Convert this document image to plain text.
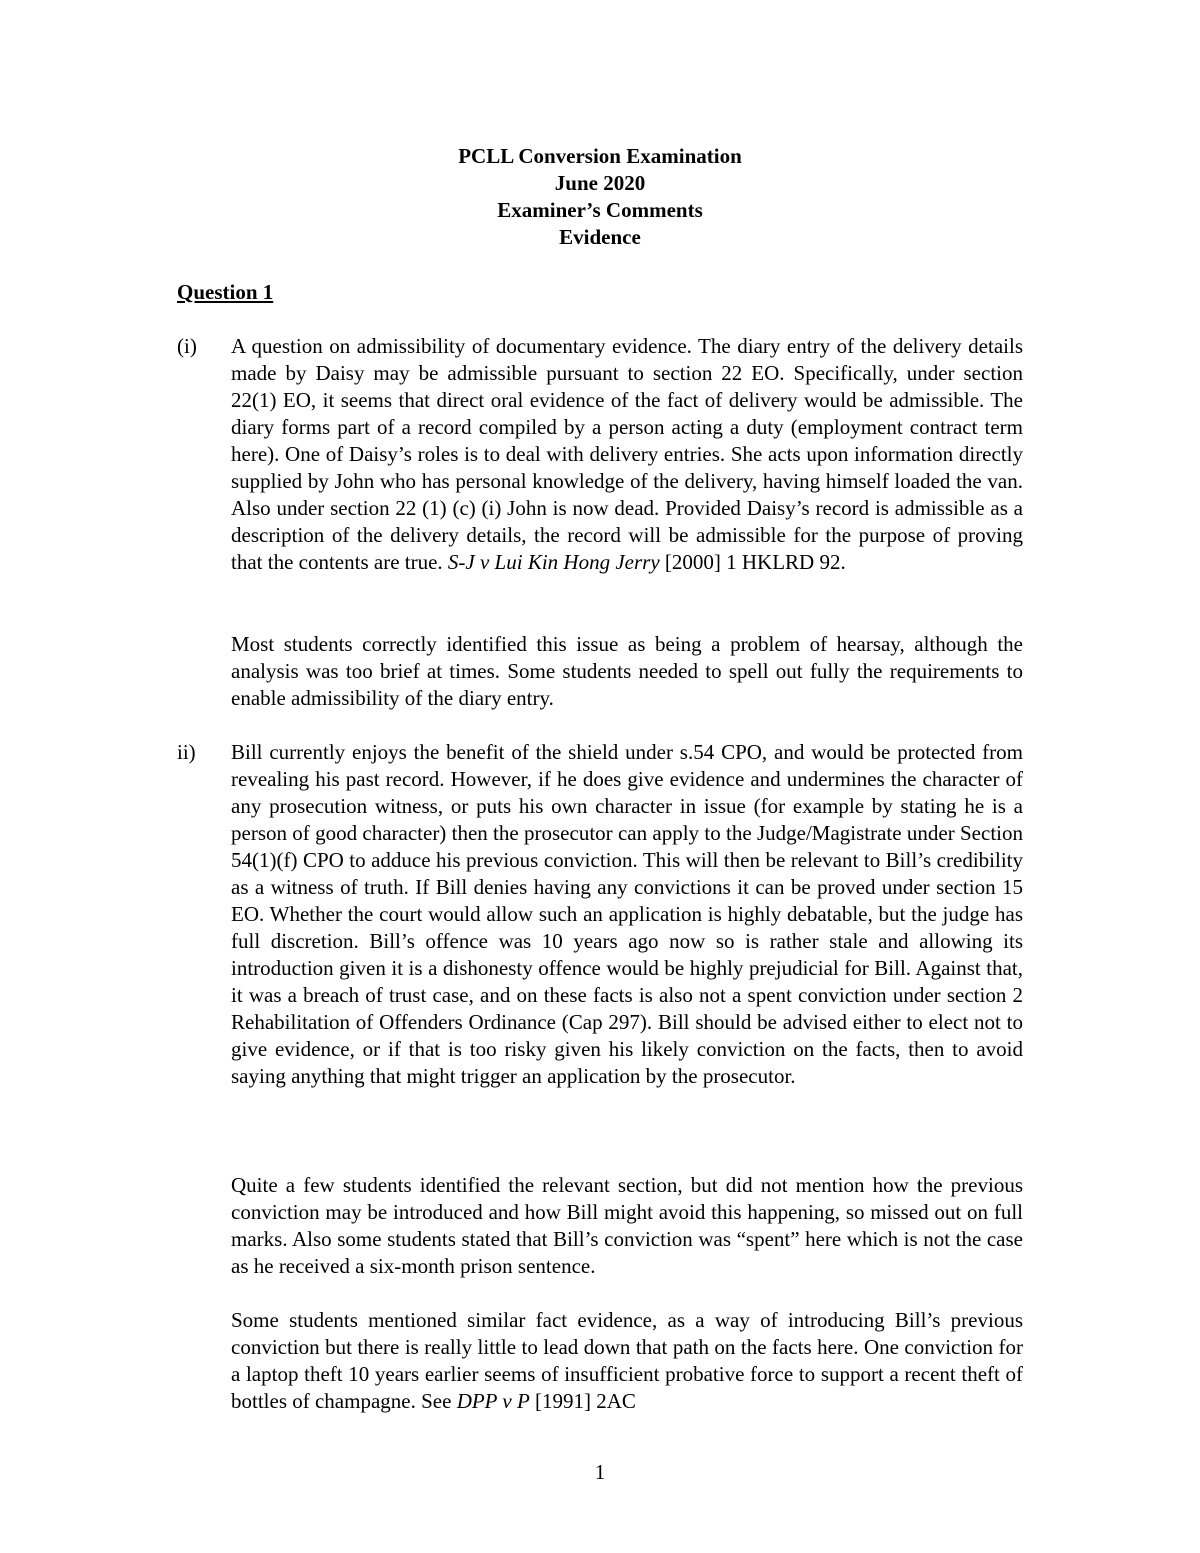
PCLL Conversion Examination
June 2020
Examiner’s Comments
Evidence
Question 1
(i) A question on admissibility of documentary evidence. The diary entry of the delivery details made by Daisy may be admissible pursuant to section 22 EO. Specifically, under section 22(1) EO, it seems that direct oral evidence of the fact of delivery would be admissible. The diary forms part of a record compiled by a person acting a duty (employment contract term here). One of Daisy’s roles is to deal with delivery entries. She acts upon information directly supplied by John who has personal knowledge of the delivery, having himself loaded the van. Also under section 22 (1) (c) (i) John is now dead. Provided Daisy’s record is admissible as a description of the delivery details, the record will be admissible for the purpose of proving that the contents are true. S-J v Lui Kin Hong Jerry [2000] 1 HKLRD 92.

Most students correctly identified this issue as being a problem of hearsay, although the analysis was too brief at times. Some students needed to spell out fully the requirements to enable admissibility of the diary entry.

ii) Bill currently enjoys the benefit of the shield under s.54 CPO, and would be protected from revealing his past record. However, if he does give evidence and undermines the character of any prosecution witness, or puts his own character in issue (for example by stating he is a person of good character) then the prosecutor can apply to the Judge/Magistrate under Section 54(1)(f) CPO to adduce his previous conviction. This will then be relevant to Bill’s credibility as a witness of truth. If Bill denies having any convictions it can be proved under section 15 EO. Whether the court would allow such an application is highly debatable, but the judge has full discretion. Bill’s offence was 10 years ago now so is rather stale and allowing its introduction given it is a dishonesty offence would be highly prejudicial for Bill. Against that, it was a breach of trust case, and on these facts is also not a spent conviction under section 2 Rehabilitation of Offenders Ordinance (Cap 297). Bill should be advised either to elect not to give evidence, or if that is too risky given his likely conviction on the facts, then to avoid saying anything that might trigger an application by the prosecutor.

Quite a few students identified the relevant section, but did not mention how the previous conviction may be introduced and how Bill might avoid this happening, so missed out on full marks. Also some students stated that Bill’s conviction was “spent” here which is not the case as he received a six-month prison sentence.

Some students mentioned similar fact evidence, as a way of introducing Bill’s previous conviction but there is really little to lead down that path on the facts here. One conviction for a laptop theft 10 years earlier seems of insufficient probative force to support a recent theft of bottles of champagne. See DPP v P [1991] 2AC

1
